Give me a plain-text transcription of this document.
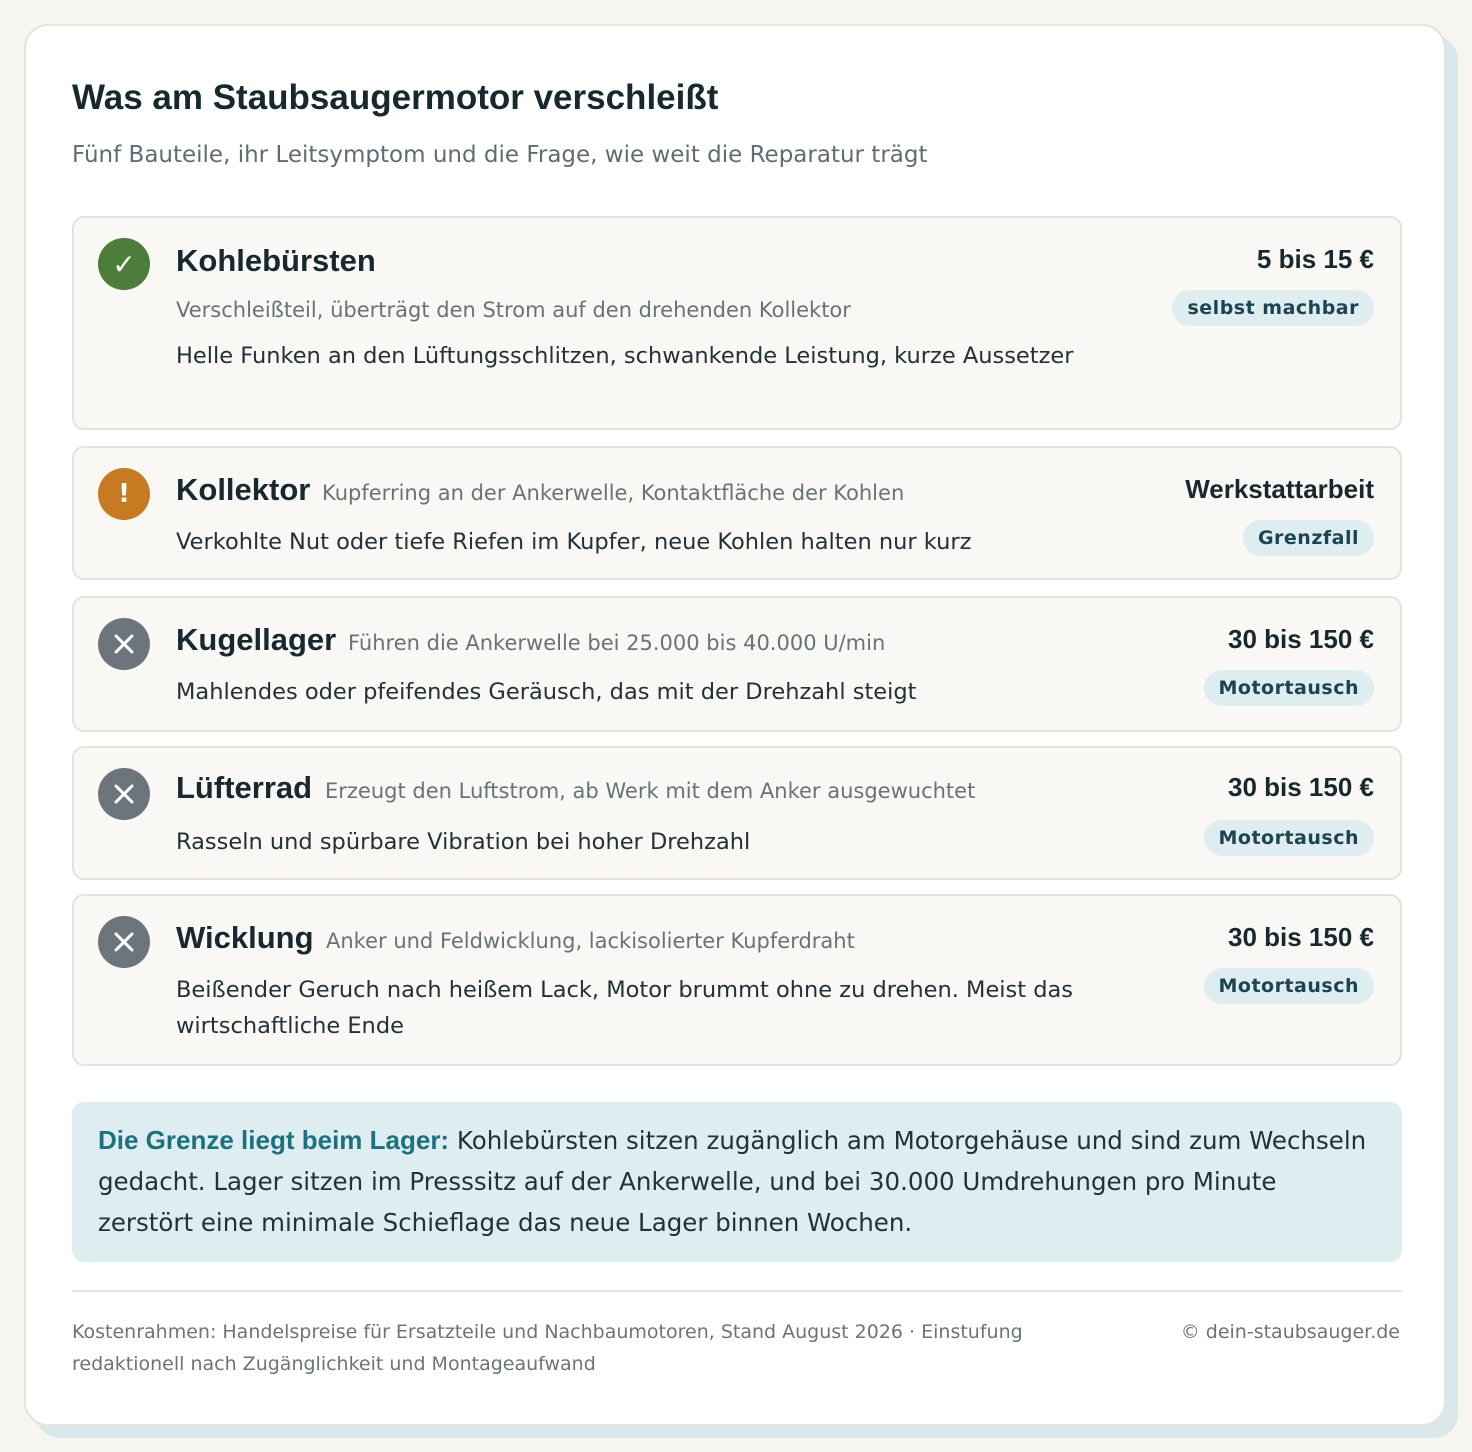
Was am Staubsaugermotor verschleißt

Fünf Bauteile, ihr Leitsymptom und die Frage, wie weit die Reparatur trägt

✓ Kohlebürsten
Verschleißteil, überträgt den Strom auf den drehenden Kollektor
Helle Funken an den Lüftungsschlitzen, schwankende Leistung, kurze Aussetzer
5 bis 15 €
selbst machbar
! Kollektor Kupferring an der Ankerwelle, Kontaktfläche der Kohlen
Verkohlte Nut oder tiefe Riefen im Kupfer, neue Kohlen halten nur kurz
Werkstattarbeit
Grenzfall
Kugellager Führen die Ankerwelle bei 25.000 bis 40.000 U/min
Mahlendes oder pfeifendes Geräusch, das mit der Drehzahl steigt
30 bis 150 €
Motortausch
Lüfterrad Erzeugt den Luftstrom, ab Werk mit dem Anker ausgewuchtet
Rasseln und spürbare Vibration bei hoher Drehzahl
30 bis 150 €
Motortausch
Wicklung Anker und Feldwicklung, lackisolierter Kupferdraht
Beißender Geruch nach heißem Lack, Motor brummt ohne zu drehen. Meist das wirtschaftliche Ende
30 bis 150 €
Motortausch
Die Grenze liegt beim Lager: Kohlebürsten sitzen zugänglich am Motorgehäuse und sind zum Wechseln gedacht. Lager sitzen im Presssitz auf der Ankerwelle, und bei 30.000 Umdrehungen pro Minute zerstört eine minimale Schieflage das neue Lager binnen Wochen.
Kostenrahmen: Handelspreise für Ersatzteile und Nachbaumotoren, Stand August 2026 · Einstufung redaktionell nach Zugänglichkeit und Montageaufwand
© dein-staubsauger.de
